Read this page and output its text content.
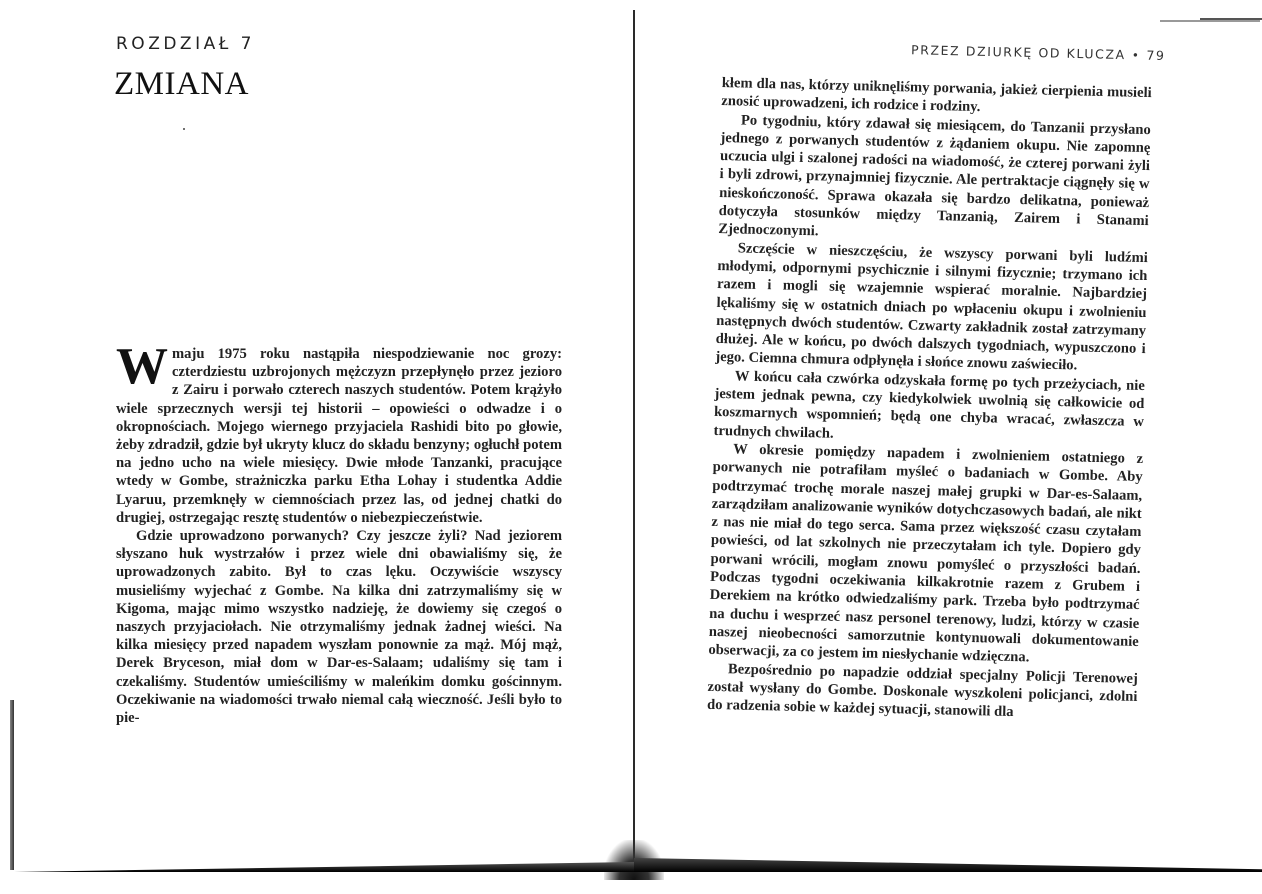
ROZDZIAŁ 7
ZMIANA

Wmaju 1975 roku nastąpiła niespodziewanie noc grozy: czterdziestu uzbrojonych mężczyzn przepłynęło przez jezioro z Zairu i porwało czterech naszych studentów. Potem krążyło wiele sprzecznych wersji tej historii – opowieści o odwadze i o okropnościach. Mojego wiernego przyjaciela Rashidi bito po głowie, żeby zdradził, gdzie był ukryty klucz do składu benzyny; ogłuchł potem na jedno ucho na wiele miesięcy. Dwie młode Tanzanki, pracujące wtedy w Gombe, strażniczka parku Etha Lohay i studentka Addie Lyaruu, przemknęły w ciemnościach przez las, od jednej chatki do drugiej, ostrzegając resztę studentów o niebezpieczeństwie.

Gdzie uprowadzono porwanych? Czy jeszcze żyli? Nad jeziorem słyszano huk wystrzałów i przez wiele dni obawialiśmy się, że uprowadzonych zabito. Był to czas lęku. Oczywiście wszyscy musieliśmy wyjechać z Gombe. Na kilka dni zatrzymaliśmy się w Kigoma, mając mimo wszystko nadzieję, że dowiemy się czegoś o naszych przyjaciołach. Nie otrzymaliśmy jednak żadnej wieści. Na kilka miesięcy przed napadem wyszłam ponownie za mąż. Mój mąż, Derek Bryceson, miał dom w Dar-es-Salaam; udaliśmy się tam i czekaliśmy. Studentów umieściliśmy w maleńkim domku gościnnym. Oczekiwanie na wiadomości trwało niemal całą wieczność. Jeśli było to pie-

PRZEZ DZIURKĘ OD KLUCZA • 79

kłem dla nas, którzy uniknęliśmy porwania, jakież cierpienia musieli znosić uprowadzeni, ich rodzice i rodziny.

Po tygodniu, który zdawał się miesiącem, do Tanzanii przysłano jednego z porwanych studentów z żądaniem okupu. Nie zapomnę uczucia ulgi i szalonej radości na wiadomość, że czterej porwani żyli i byli zdrowi, przynajmniej fizycznie. Ale pertraktacje ciągnęły się w nieskończoność. Sprawa okazała się bardzo delikatna, ponieważ dotyczyła stosunków między Tanzanią, Zairem i Stanami Zjednoczonymi.

Szczęście w nieszczęściu, że wszyscy porwani byli ludźmi młodymi, odpornymi psychicznie i silnymi fizycznie; trzymano ich razem i mogli się wzajemnie wspierać moralnie. Najbardziej lękaliśmy się w ostatnich dniach po wpłaceniu okupu i zwolnieniu następnych dwóch studentów. Czwarty zakładnik został zatrzymany dłużej. Ale w końcu, po dwóch dalszych tygodniach, wypuszczono i jego. Ciemna chmura odpłynęła i słońce znowu zaświeciło.

W końcu cała czwórka odzyskała formę po tych przeżyciach, nie jestem jednak pewna, czy kiedykolwiek uwolnią się całkowicie od koszmarnych wspomnień; będą one chyba wracać, zwłaszcza w trudnych chwilach.

W okresie pomiędzy napadem i zwolnieniem ostatniego z porwanych nie potrafiłam myśleć o badaniach w Gombe. Aby podtrzymać trochę morale naszej małej grupki w Dar-es-Salaam, zarządziłam analizowanie wyników dotychczasowych badań, ale nikt z nas nie miał do tego serca. Sama przez większość czasu czytałam powieści, od lat szkolnych nie przeczytałam ich tyle. Dopiero gdy porwani wrócili, mogłam znowu pomyśleć o przyszłości badań. Podczas tygodni oczekiwania kilkakrotnie razem z Grubem i Derekiem na krótko odwiedzaliśmy park. Trzeba było podtrzymać na duchu i wesprzeć nasz personel terenowy, ludzi, którzy w czasie naszej nieobecności samorzutnie kontynuowali dokumentowanie obserwacji, za co jestem im niesłychanie wdzięczna.

Bezpośrednio po napadzie oddział specjalny Policji Terenowej został wysłany do Gombe. Doskonale wyszkoleni policjanci, zdolni do radzenia sobie w każdej sytuacji, stanowili dla
